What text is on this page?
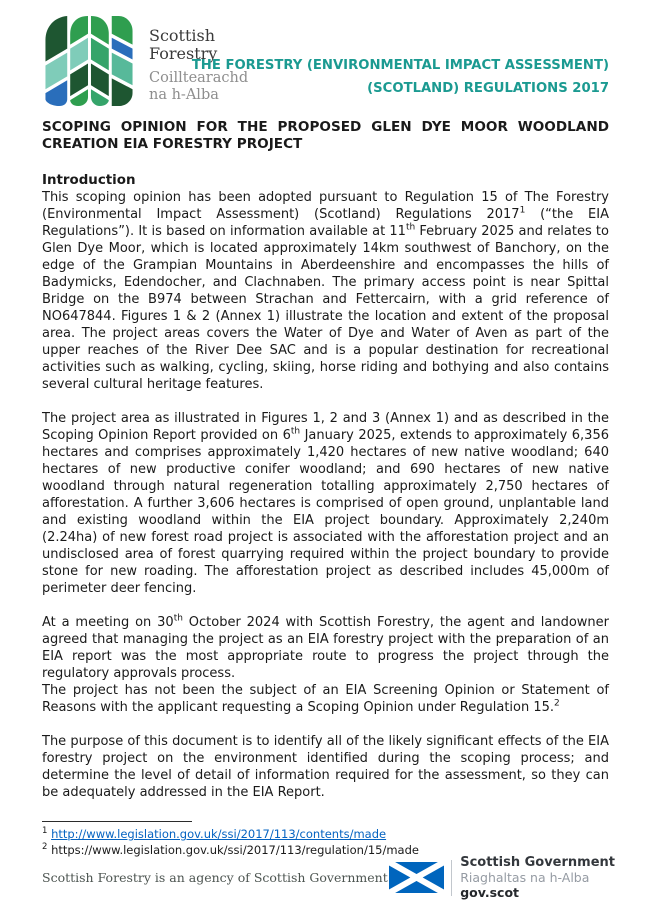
Scottish
Forestry
Coilltearachd
na h-Alba
THE FORESTRY (ENVIRONMENTAL IMPACT ASSESSMENT)
(SCOTLAND) REGULATIONS 2017
SCOPING OPINION FOR THE PROPOSED GLEN DYE MOOR WOODLAND
CREATION EIA FORESTRY PROJECT
Introduction

This scoping opinion has been adopted pursuant to Regulation 15 of The Forestry (Environmental Impact Assessment) (Scotland) Regulations 2017$^1$ (“the EIA Regulations”). It is based on information available at 11th February 2025 and relates to Glen Dye Moor, which is located approximately 14km southwest of Banchory, on the edge of the Grampian Mountains in Aberdeenshire and encompasses the hills of Badymicks, Edendocher, and Clachnaben. The primary access point is near Spittal Bridge on the B974 between Strachan and Fettercairn, with a grid reference of NO647844. Figures 1 & 2 (Annex 1) illustrate the location and extent of the proposal area. The project areas covers the Water of Dye and Water of Aven as part of the upper reaches of the River Dee SAC and is a popular destination for recreational activities such as walking, cycling, skiing, horse riding and bothying and also contains several cultural heritage features.

The project area as illustrated in Figures 1, 2 and 3 (Annex 1) and as described in the Scoping Opinion Report provided on 6th January 2025, extends to approximately 6,356 hectares and comprises approximately 1,420 hectares of new native woodland; 640 hectares of new productive conifer woodland; and 690 hectares of new native woodland through natural regeneration totalling approximately 2,750 hectares of afforestation. A further 3,606 hectares is comprised of open ground, unplantable land and existing woodland within the EIA project boundary. Approximately 2,240m (2.24ha) of new forest road project is associated with the afforestation project and an undisclosed area of forest quarrying required within the project boundary to provide stone for new roading. The afforestation project as described includes 45,000m of perimeter deer fencing.

At a meeting on 30th October 2024 with Scottish Forestry, the agent and landowner agreed that managing the project as an EIA forestry project with the preparation of an EIA report was the most appropriate route to progress the project through the regulatory approvals process.

The project has not been the subject of an EIA Screening Opinion or Statement of Reasons with the applicant requesting a Scoping Opinion under Regulation 15.$^2$

The purpose of this document is to identify all of the likely significant effects of the EIA forestry project on the environment identified during the scoping process; and determine the level of detail of information required for the assessment, so they can be adequately addressed in the EIA Report.

$^1$ http://www.legislation.gov.uk/ssi/2017/113/contents/made
$^2$ https://www.legislation.gov.uk/ssi/2017/113/regulation/15/made
Scottish Forestry is an agency of Scottish Government
Scottish Government
Riaghaltas na h-Alba
gov.scot
